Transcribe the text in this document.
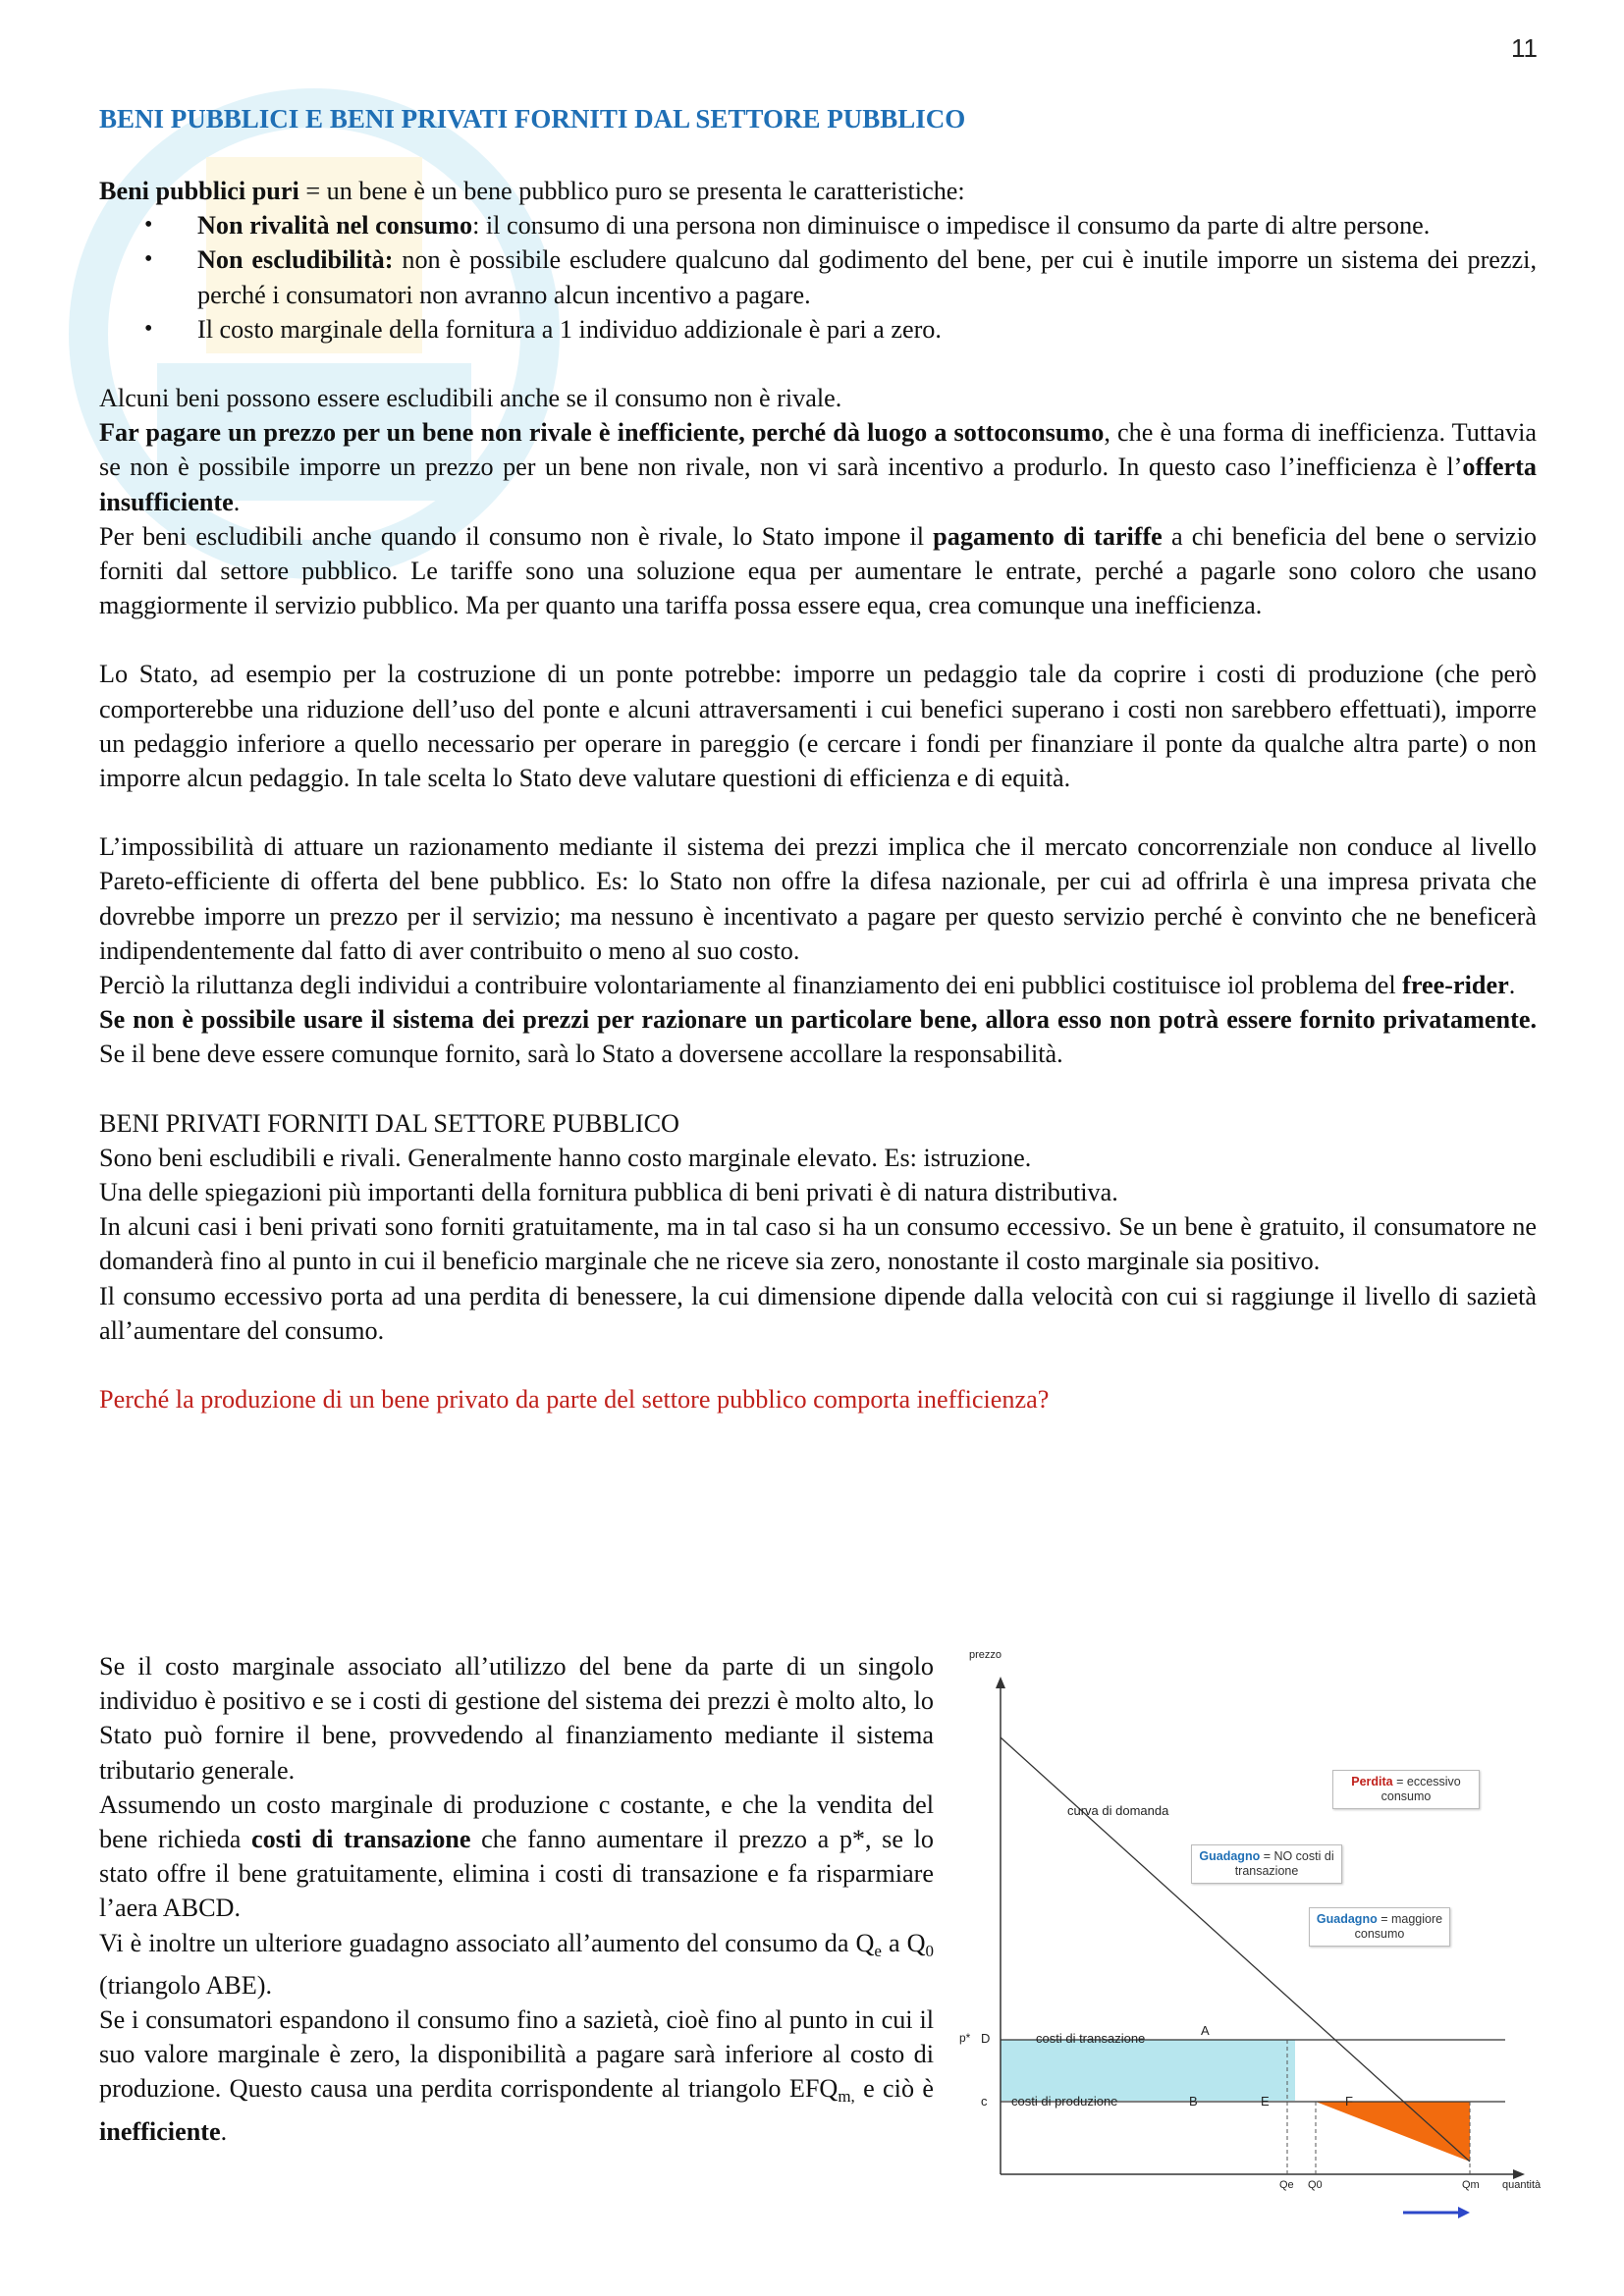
11
BENI PUBBLICI E BENI PRIVATI FORNITI DAL SETTORE PUBBLICO

Beni pubblici puri = un bene è un bene pubblico puro se presenta le caratteristiche:

• Non rivalità nel consumo: il consumo di una persona non diminuisce o impedisce il consumo da parte di altre persone.
• Non escludibilità: non è possibile escludere qualcuno dal godimento del bene, per cui è inutile imporre un sistema dei prezzi, perché i consumatori non avranno alcun incentivo a pagare.
• Il costo marginale della fornitura a 1 individuo addizionale è pari a zero.

Alcuni beni possono essere escludibili anche se il consumo non è rivale.

Far pagare un prezzo per un bene non rivale è inefficiente, perché dà luogo a sottoconsumo, che è una forma di inefficienza. Tuttavia se non è possibile imporre un prezzo per un bene non rivale, non vi sarà incentivo a produrlo. In questo caso l’inefficienza è l’offerta insufficiente.

Per beni escludibili anche quando il consumo non è rivale, lo Stato impone il pagamento di tariffe a chi beneficia del bene o servizio forniti dal settore pubblico. Le tariffe sono una soluzione equa per aumentare le entrate, perché a pagarle sono coloro che usano maggiormente il servizio pubblico. Ma per quanto una tariffa possa essere equa, crea comunque una inefficienza.

Lo Stato, ad esempio per la costruzione di un ponte potrebbe: imporre un pedaggio tale da coprire i costi di produzione (che però comporterebbe una riduzione dell’uso del ponte e alcuni attraversamenti i cui benefici superano i costi non sarebbero effettuati), imporre un pedaggio inferiore a quello necessario per operare in pareggio (e cercare i fondi per finanziare il ponte da qualche altra parte) o non imporre alcun pedaggio. In tale scelta lo Stato deve valutare questioni di efficienza e di equità.

L’impossibilità di attuare un razionamento mediante il sistema dei prezzi implica che il mercato concorrenziale non conduce al livello Pareto-efficiente di offerta del bene pubblico. Es: lo Stato non offre la difesa nazionale, per cui ad offrirla è una impresa privata che dovrebbe imporre un prezzo per il servizio; ma nessuno è incentivato a pagare per questo servizio perché è convinto che ne beneficerà indipendentemente dal fatto di aver contribuito o meno al suo costo.

Perciò la riluttanza degli individui a contribuire volontariamente al finanziamento dei eni pubblici costituisce iol problema del free-rider.

Se non è possibile usare il sistema dei prezzi per razionare un particolare bene, allora esso non potrà essere fornito privatamente. Se il bene deve essere comunque fornito, sarà lo Stato a doversene accollare la responsabilità.

BENI PRIVATI FORNITI DAL SETTORE PUBBLICO

Sono beni escludibili e rivali. Generalmente hanno costo marginale elevato. Es: istruzione.

Una delle spiegazioni più importanti della fornitura pubblica di beni privati è di natura distributiva.

In alcuni casi i beni privati sono forniti gratuitamente, ma in tal caso si ha un consumo eccessivo. Se un bene è gratuito, il consumatore ne domanderà fino al punto in cui il beneficio marginale che ne riceve sia zero, nonostante il costo marginale sia positivo.

Il consumo eccessivo porta ad una perdita di benessere, la cui dimensione dipende dalla velocità con cui si raggiunge il livello di sazietà all’aumentare del consumo.

Perché la produzione di un bene privato da parte del settore pubblico comporta inefficienza?

Se il costo marginale associato all’utilizzo del bene da parte di un singolo individuo è positivo e se i costi di gestione del sistema dei prezzi è molto alto, lo Stato può fornire il bene, provvedendo al finanziamento mediante il sistema tributario generale.

Assumendo un costo marginale di produzione c costante, e che la vendita del bene richieda costi di transazione che fanno aumentare il prezzo a p*, se lo stato offre il bene gratuitamente, elimina i costi di transazione e fa risparmiare l’aera ABCD.

Vi è inoltre un ulteriore guadagno associato all’aumento del consumo da $Q_e$ a $Q_0$ (triangolo ABE).

Se i consumatori espandono il consumo fino a sazietà, cioè fino al punto in cui il suo valore marginale è zero, la disponibilità a pagare sarà inferiore al costo di produzione. Questo causa una perdita corrispondente al triangolo $EFQ_{m,}$ e ciò è inefficiente.

prezzo
quantità
curva di domanda
p* D	costi di transazione
A
c costi di produzione	B	E	F
Qe Q0	Qm
Perdita = eccessivo consumo
Guadagno = NO costi di transazione
Guadagno = maggiore consumo
